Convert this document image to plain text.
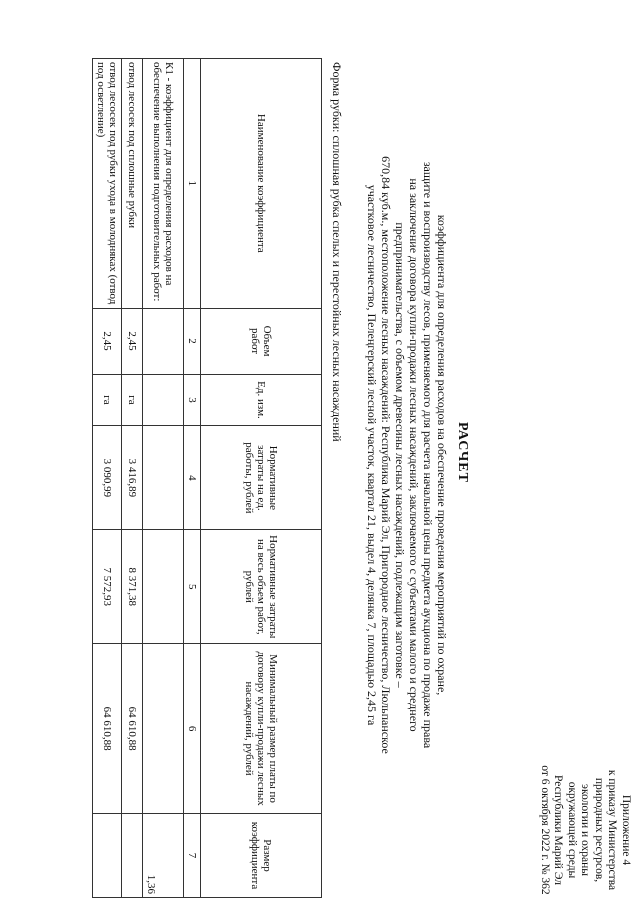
Приложение 4
к приказу Министерства природных ресурсов,
экологии и охраны окружающей среды
Республики Марий Эл
от 6 октября 2022 г. № 362
РАСЧЕТ

коэффициента для определения расходов на обеспечение проведения мероприятий по охране,

защите и воспроизводству лесов, применяемого для расчета начальной цены предмета аукциона по продаже права

на заключение договора купли-продажи лесных насаждений, заключаемого с субъектами малого и среднего

предпринимательства, с объемом древесины лесных насаждений, подлежащим заготовке –

670,84 куб.м., местоположение лесных насаждений: Республика Марий Эл, Пригородное лесничество, Люльпанское

участковое лесничество, Пелеңгерский лесной участок, квартал 21, выдел 4, делянка 7, площадью 2,45 га

Форма рубки: сплошная рубка спелых и перестойных лесных насаждений
Наименование коэффициента	Объем работ	Ед. изм.	Нормативные затраты на ед. работы, рублей	Нормативные затраты на весь объем работ, рублей	Минимальный размер платы по договору купли-продажи лесных насаждений, рублей	Размер коэффициента
1	2	3	4	5	6	7
К1 - коэффициент для определения расходов на обеспечение выполнения подготовительных работ:						1,36
отвод лесосек под сплошные рубки	2,45	га	3 416,89	8 371,38	64 610,88	
отвод лесосек под рубки ухода в молодняках (отвод под осветление)	2,45	га	3 090,99	7 572,93	64 610,88	
